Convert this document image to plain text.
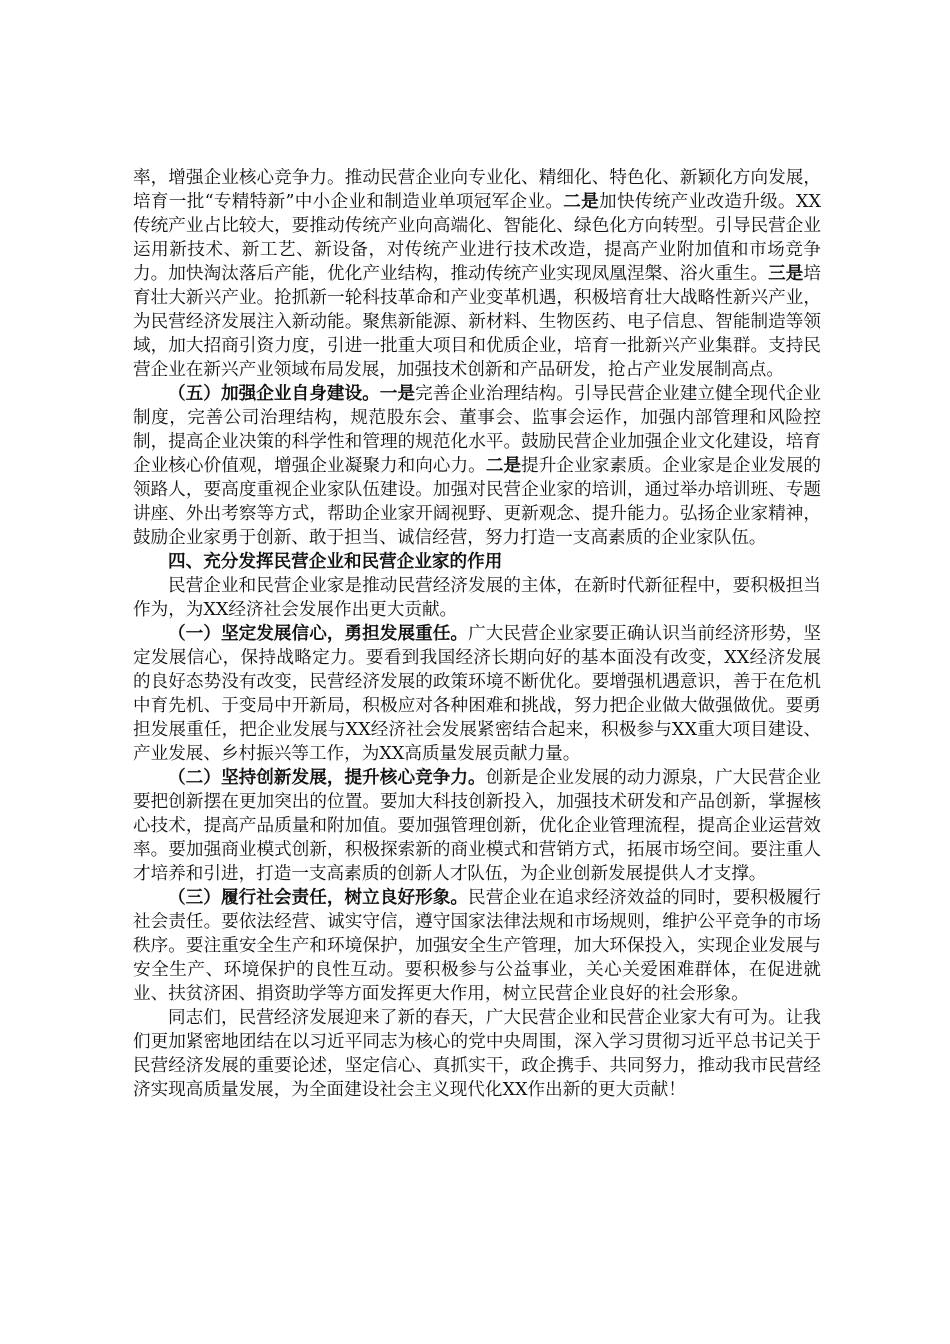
率，增强企业核心竞争力。推动民营企业向专业化、精细化、特色化、新颖化方向发展，培育一批“专精特新”中小企业和制造业单项冠军企业。二是加快传统产业改造升级。XX传统产业占比较大，要推动传统产业向高端化、智能化、绿色化方向转型。引导民营企业运用新技术、新工艺、新设备，对传统产业进行技术改造，提高产业附加值和市场竞争力。加快淘汰落后产能，优化产业结构，推动传统产业实现凤凰涅槃、浴火重生。三是培育壮大新兴产业。抢抓新一轮科技革命和产业变革机遇，积极培育壮大战略性新兴产业，为民营经济发展注入新动能。聚焦新能源、新材料、生物医药、电子信息、智能制造等领域，加大招商引资力度，引进一批重大项目和优质企业，培育一批新兴产业集群。支持民营企业在新兴产业领域布局发展，加强技术创新和产品研发，抢占产业发展制高点。

（五）加强企业自身建设。一是完善企业治理结构。引导民营企业建立健全现代企业制度，完善公司治理结构，规范股东会、董事会、监事会运作，加强内部管理和风险控制，提高企业决策的科学性和管理的规范化水平。鼓励民营企业加强企业文化建设，培育企业核心价值观，增强企业凝聚力和向心力。二是提升企业家素质。企业家是企业发展的领路人，要高度重视企业家队伍建设。加强对民营企业家的培训，通过举办培训班、专题讲座、外出考察等方式，帮助企业家开阔视野、更新观念、提升能力。弘扬企业家精神，鼓励企业家勇于创新、敢于担当、诚信经营，努力打造一支高素质的企业家队伍。

四、充分发挥民营企业和民营企业家的作用

民营企业和民营企业家是推动民营经济发展的主体，在新时代新征程中，要积极担当作为，为XX经济社会发展作出更大贡献。

（一）坚定发展信心，勇担发展重任。广大民营企业家要正确认识当前经济形势，坚定发展信心，保持战略定力。要看到我国经济长期向好的基本面没有改变，XX经济发展的良好态势没有改变，民营经济发展的政策环境不断优化。要增强机遇意识，善于在危机中育先机、于变局中开新局，积极应对各种困难和挑战，努力把企业做大做强做优。要勇担发展重任，把企业发展与XX经济社会发展紧密结合起来，积极参与XX重大项目建设、产业发展、乡村振兴等工作，为XX高质量发展贡献力量。

（二）坚持创新发展，提升核心竞争力。创新是企业发展的动力源泉，广大民营企业要把创新摆在更加突出的位置。要加大科技创新投入，加强技术研发和产品创新，掌握核心技术，提高产品质量和附加值。要加强管理创新，优化企业管理流程，提高企业运营效率。要加强商业模式创新，积极探索新的商业模式和营销方式，拓展市场空间。要注重人才培养和引进，打造一支高素质的创新人才队伍，为企业创新发展提供人才支撑。

（三）履行社会责任，树立良好形象。民营企业在追求经济效益的同时，要积极履行社会责任。要依法经营、诚实守信，遵守国家法律法规和市场规则，维护公平竞争的市场秩序。要注重安全生产和环境保护，加强安全生产管理，加大环保投入，实现企业发展与安全生产、环境保护的良性互动。要积极参与公益事业，关心关爱困难群体，在促进就业、扶贫济困、捐资助学等方面发挥更大作用，树立民营企业良好的社会形象。

同志们，民营经济发展迎来了新的春天，广大民营企业和民营企业家大有可为。让我们更加紧密地团结在以习近平同志为核心的党中央周围，深入学习贯彻习近平总书记关于民营经济发展的重要论述，坚定信心、真抓实干，政企携手、共同努力，推动我市民营经济实现高质量发展，为全面建设社会主义现代化XX作出新的更大贡献！
